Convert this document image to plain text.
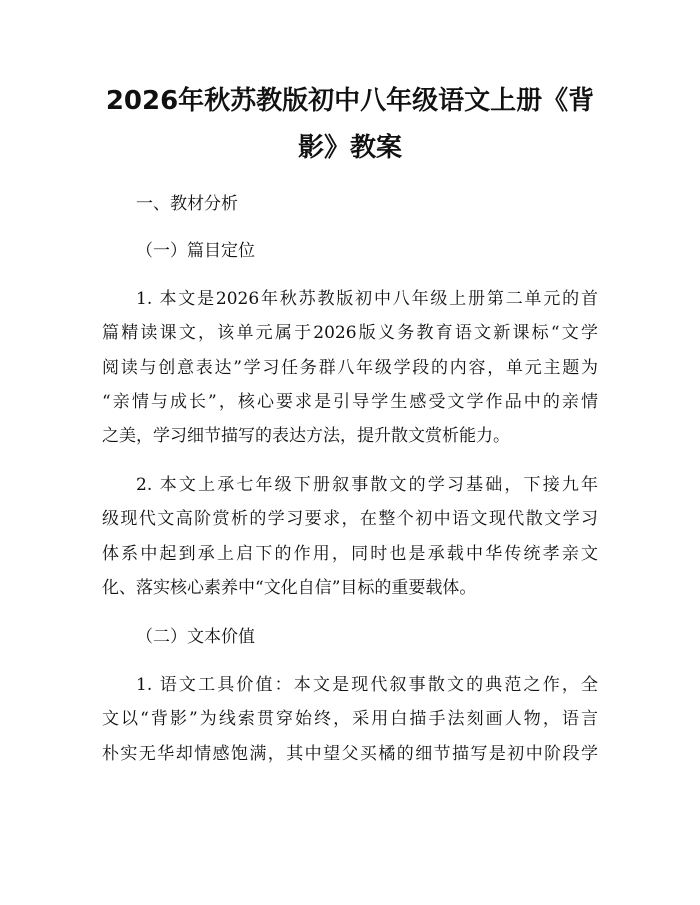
2026年秋苏教版初中八年级语文上册《背
影》教案
一、教材分析
（一）篇目定位
1. 本文是2026年秋苏教版初中八年级上册第二单元的首
篇精读课文，该单元属于2026版义务教育语文新课标“文学
阅读与创意表达”学习任务群八年级学段的内容，单元主题为
“亲情与成长”，核心要求是引导学生感受文学作品中的亲情
之美，学习细节描写的表达方法，提升散文赏析能力。
2. 本文上承七年级下册叙事散文的学习基础，下接九年
级现代文高阶赏析的学习要求，在整个初中语文现代散文学习
体系中起到承上启下的作用，同时也是承载中华传统孝亲文
化、落实核心素养中“文化自信”目标的重要载体。
（二）文本价值
1. 语文工具价值：本文是现代叙事散文的典范之作，全
文以“背影”为线索贯穿始终，采用白描手法刻画人物，语言
朴实无华却情感饱满，其中望父买橘的细节描写是初中阶段学
